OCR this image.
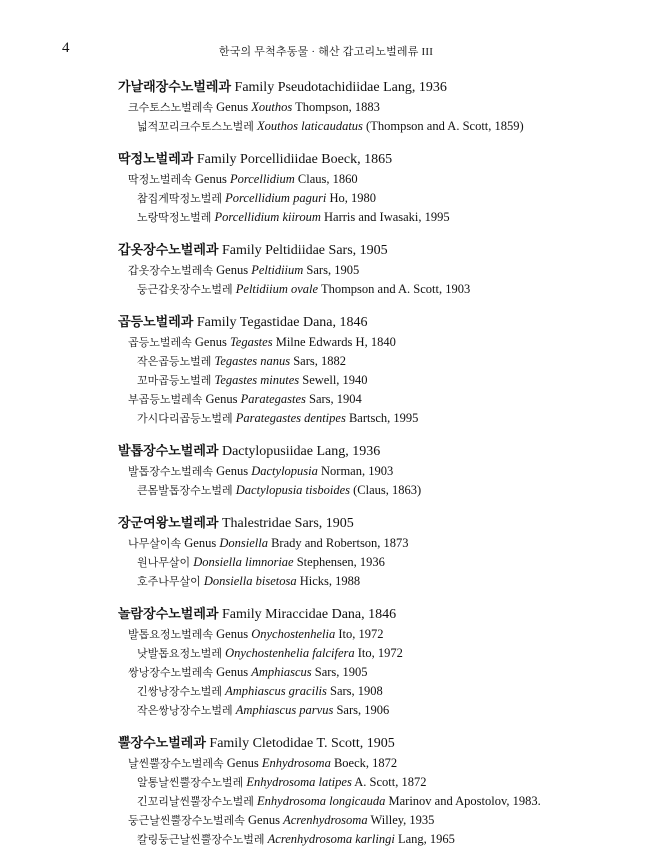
4	한국의 무척추동물 · 해산 갑고리노벌레류 III
가날래장수노벌레과 Family Pseudotachidiidae Lang, 1936
크수토스노벌레속 Genus Xouthos Thompson, 1883
넓적꼬리크수토스노벌레 Xouthos laticaudatus (Thompson and A. Scott, 1859)
딱정노벌레과 Family Porcellidiidae Boeck, 1865
딱정노벌레속 Genus Porcellidium Claus, 1860
참집게딱정노벌레 Porcellidium paguri Ho, 1980
노랑딱정노벌레 Porcellidium kiiroum Harris and Iwasaki, 1995
갑옷장수노벌레과 Family Peltidiidae Sars, 1905
갑옷장수노벌레속 Genus Peltidiium Sars, 1905
둥근갑옷장수노벌레 Peltidiium ovale Thompson and A. Scott, 1903
곱등노벌레과 Family Tegastidae Dana, 1846
곱등노벌레속 Genus Tegastes Milne Edwards H, 1840
작은곱등노벌레 Tegastes nanus Sars, 1882
꼬마곱등노벌레 Tegastes minutes Sewell, 1940
부곱등노벌레속 Genus Parategastes Sars, 1904
가시다리곱등노벌레 Parategastes dentipes Bartsch, 1995
발톱장수노벌레과 Dactylopusiidae Lang, 1936
발톱장수노벌레속 Genus Dactylopusia Norman, 1903
큰몸발톱장수노벌레 Dactylopusia tisboides (Claus, 1863)
장군여왕노벌레과 Thalestridae Sars, 1905
나무살이속 Genus Donsiella Brady and Robertson, 1873
원나무살이 Donsiella limnoriae Stephensen, 1936
호주나무살이 Donsiella bisetosa Hicks, 1988
놀람장수노벌레과 Family Miraccidae Dana, 1846
발톱요정노벌레속 Genus Onychostenhelia Ito, 1972
낫발톱요정노벌레 Onychostenhelia falcifera Ito, 1972
쌍낭장수노벌레속 Genus Amphiascus Sars, 1905
긴쌍낭장수노벌레 Amphiascus gracilis Sars, 1908
작은쌍낭장수노벌레 Amphiascus parvus Sars, 1906
뿔장수노벌레과 Family Cletodidae T. Scott, 1905
날씬뿔장수노벌레속 Genus Enhydrosoma Boeck, 1872
알통날씬뿔장수노벌레 Enhydrosoma latipes A. Scott, 1872
긴꼬리날씬뿔장수노벌레 Enhydrosoma longicauda Marinov and Apostolov, 1983.
둥근날씬뿔장수노벌레속 Genus Acrenhydrosoma Willey, 1935
칼링둥근날씬뿔장수노벌레 Acrenhydrosoma karlingi Lang, 1965
